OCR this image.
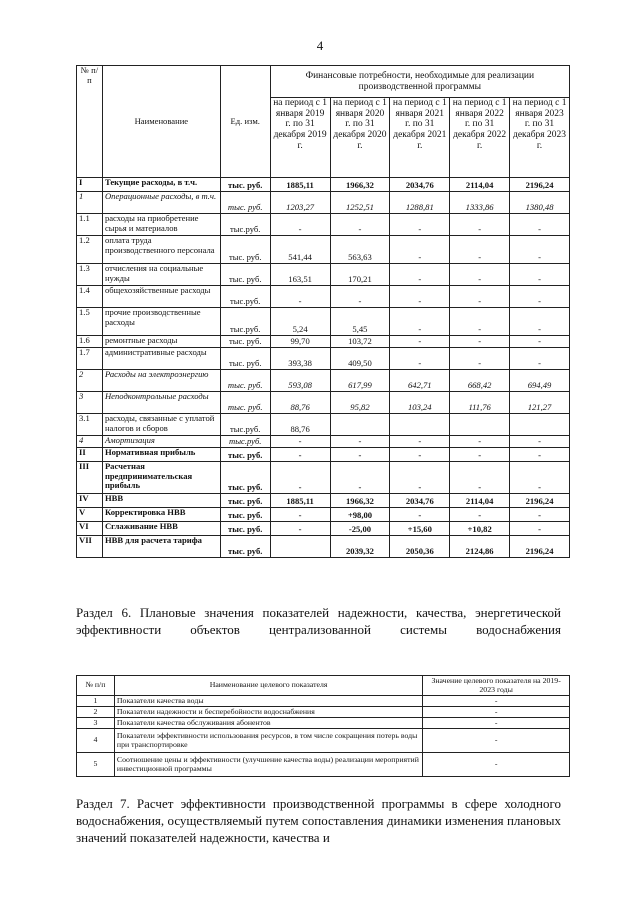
4
№ п/п	Наименование	Ед. изм.	Финансовые потребности, необходимые для реализации производственной программы				
			на период с 1 января 2019 г. по 31 декабря 2019 г.	на период с 1 января 2020 г. по 31 декабря 2020 г.	на период с 1 января 2021 г. по 31 декабря 2021 г.	на период с 1 января 2022 г. по 31 декабря 2022 г.	на период с 1 января 2023 г. по 31 декабря 2023 г.
I	Текущие расходы, в т.ч.	тыс. руб.	1885,11	1966,32	2034,76	2114,04	2196,24
1	Операционные расходы, в т.ч.	тыс. руб.	1203,27	1252,51	1288,81	1333,86	1380,48
1.1	расходы на приобретение сырья и материалов	тыс.руб.	-	-	-	-	-
1.2	оплата труда производственного персонала	тыс. руб.	541,44	563,63	-	-	-
1.3	отчисления на социальные нужды	тыс. руб.	163,51	170,21	-	-	-
1.4	общехозяйственные расходы	тыс.руб.	-	-	-	-	-
1.5	прочие производственные расходы	тыс.руб.	5,24	5,45	-	-	-
1.6	ремонтные расходы	тыс. руб.	99,70	103,72	-	-	-
1.7	административные расходы	тыс. руб.	393,38	409,50	-	-	-
2	Расходы на электроэнергию	тыс. руб.	593,08	617,99	642,71	668,42	694,49
3	Неподконтрольные расходы	тыс. руб.	88,76	95,82	103,24	111,76	121,27
3.1	расходы, связанные с уплатой налогов и сборов	тыс.руб.	88,76				
4	Амортизация	тыс.руб.	-	-	-	-	-
II	Нормативная прибыль	тыс. руб.	-	-	-	-	-
III	Расчетная предпринимательская прибыль	тыс. руб.	-	-	-	-	-
IV	НВВ	тыс. руб.	1885,11	1966,32	2034,76	2114,04	2196,24
V	Корректировка НВВ	тыс. руб.	-	+98,00	-	-	-
VI	Сглаживание НВВ	тыс. руб.	-	-25,00	+15,60	+10,82	-
VII	НВВ для расчета тарифа	тыс. руб.		2039,32	2050,36	2124,86	2196,24
Раздел 6. Плановые значения показателей надежности, качества, энергетической эффективности объектов централизованной системы водоснабжения
№ п/п	Наименование целевого показателя	Значение целевого показателя на 2019-2023 годы
1	Показатели качества воды	-
2	Показатели надежности и бесперебойности водоснабжения	-
3	Показатели качества обслуживания абонентов	-
4	Показатели эффективности использования ресурсов, в том числе сокращения потерь воды при транспортировке	-
5	Соотношение цены и эффективности (улучшение качества воды) реализации мероприятий инвестиционной программы	-
Раздел 7. Расчет эффективности производственной программы в сфере холодного водоснабжения, осуществляемый путем сопоставления динамики изменения плановых значений показателей надежности, качества и
